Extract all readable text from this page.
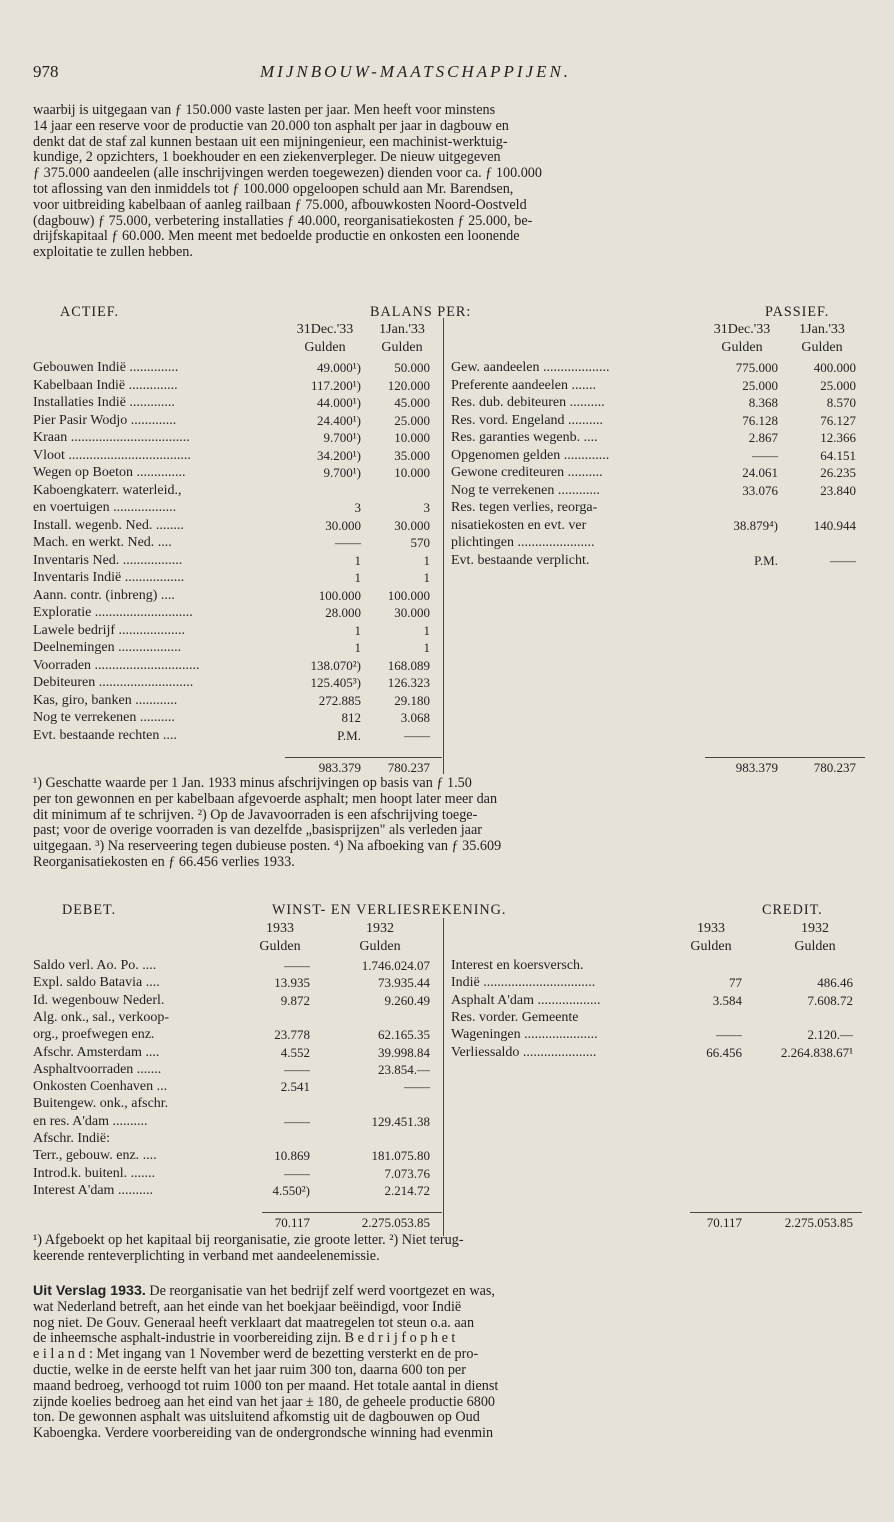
978	MIJNBOUW-MAATSCHAPPIJEN.

waarbij is uitgegaan van ƒ 150.000 vaste lasten per jaar. Men heeft voor minstens

14 jaar een reserve voor de productie van 20.000 ton asphalt per jaar in dagbouw en

denkt dat de staf zal kunnen bestaan uit een mijningenieur, een machinist-werktuig-

kundige, 2 opzichters, 1 boekhouder en een ziekenverpleger. De nieuw uitgegeven

ƒ 375.000 aandeelen (alle inschrijvingen werden toegewezen) dienden voor ca. ƒ 100.000

tot aflossing van den inmiddels tot ƒ 100.000 opgeloopen schuld aan Mr. Barendsen,

voor uitbreiding kabelbaan of aanleg railbaan ƒ 75.000, afbouwkosten Noord-Oostveld

(dagbouw) ƒ 75.000, verbetering installaties ƒ 40.000, reorganisatiekosten ƒ 25.000, be-

drijfskapitaal ƒ 60.000. Men meent met bedoelde productie en onkosten een loonende

exploitatie te zullen hebben.

ACTIEF.	BALANS PER:	PASSIEF.
31Dec.'33	1Jan.'33
Gulden	Gulden
31Dec.'33	1Jan.'33
Gulden	Gulden
Gebouwen Indië ..............	49.000¹)	50.000
Kabelbaan Indië ..............	117.200¹)	120.000
Installaties Indië .............	44.000¹)	45.000
Pier Pasir Wodjo .............	24.400¹)	25.000
Kraan ..................................	9.700¹)	10.000
Vloot ...................................	34.200¹)	35.000
Wegen op Boeton ..............	9.700¹)	10.000
Kaboengkaterr. waterleid.,
en voertuigen ..................	3	3
Install. wegenb. Ned. ........	30.000	30.000
Mach. en werkt. Ned. ....	——	570
Inventaris Ned. .................	1	1
Inventaris Indië .................	1	1
Aann. contr. (inbreng) ....	100.000	100.000
Exploratie ............................	28.000	30.000
Lawele bedrijf ...................	1	1
Deelnemingen ..................	1	1
Voorraden ..............................	138.070²)	168.089
Debiteuren ...........................	125.405³)	126.323
Kas, giro, banken ............	272.885	29.180
Nog te verrekenen ..........	812	3.068
Evt. bestaande rechten ....	P.M.	——
Gew. aandeelen ...................	775.000	400.000
Preferente aandeelen .......	25.000	25.000
Res. dub. debiteuren ..........	8.368	8.570
Res. vord. Engeland ..........	76.128	76.127
Res. garanties wegenb. ....	2.867	12.366
Opgenomen gelden .............	——	64.151
Gewone crediteuren ..........	24.061	26.235
Nog te verrekenen ............	33.076	23.840
Res. tegen verlies, reorga-
nisatiekosten en evt. ver	38.879⁴)	140.944
plichtingen ......................
Evt. bestaande verplicht.	P.M.	——
983.379	780.237	983.379	780.237

¹) Geschatte waarde per 1 Jan. 1933 minus afschrijvingen op basis van ƒ 1.50

per ton gewonnen en per kabelbaan afgevoerde asphalt; men hoopt later meer dan

dit minimum af te schrijven. ²) Op de Javavoorraden is een afschrijving toege-

past; voor de overige voorraden is van dezelfde „basisprijzen" als verleden jaar

uitgegaan. ³) Na reserveering tegen dubieuse posten. ⁴) Na afboeking van ƒ 35.609

Reorganisatiekosten en ƒ 66.456 verlies 1933.

DEBET.	WINST- EN VERLIESREKENING.	CREDIT.
1933	1932
Gulden	Gulden
1933	1932
Gulden	Gulden
Saldo verl. Ao. Po. ....	——	1.746.024.07
Expl. saldo Batavia ....	13.935	73.935.44
Id. wegenbouw Nederl.	9.872	9.260.49
Alg. onk., sal., verkoop-
org., proefwegen enz.	23.778	62.165.35
Afschr. Amsterdam ....	4.552	39.998.84
Asphaltvoorraden .......	——	23.854.—
Onkosten Coenhaven ...	2.541	——
Buitengew. onk., afschr.
en res. A'dam ..........	——	129.451.38
Afschr. Indië:
Terr., gebouw. enz. ....	10.869	181.075.80
Introd.k. buitenl. .......	——	7.073.76
Interest A'dam ..........	4.550²)	2.214.72
Interest en koersversch.
Indië ................................	77	486.46
Asphalt A'dam ..................	3.584	7.608.72
Res. vorder. Gemeente
Wageningen .....................	——	2.120.—
Verliessaldo .....................	66.456	2.264.838.67¹
70.117	2.275.053.85	70.117	2.275.053.85

¹) Afgeboekt op het kapitaal bij reorganisatie, zie groote letter. ²) Niet terug-

keerende renteverplichting in verband met aandeelenemissie.

Uit Verslag 1933. De reorganisatie van het bedrijf zelf werd voortgezet en was,

wat Nederland betreft, aan het einde van het boekjaar beëindigd, voor Indië

nog niet. De Gouv. Generaal heeft verklaart dat maatregelen tot steun o.a. aan

de inheemsche asphalt-industrie in voorbereiding zijn. B e d r i j f o p h e t

e i l a n d : Met ingang van 1 November werd de bezetting versterkt en de pro-

ductie, welke in de eerste helft van het jaar ruim 300 ton, daarna 600 ton per

maand bedroeg, verhoogd tot ruim 1000 ton per maand. Het totale aantal in dienst

zijnde koelies bedroeg aan het eind van het jaar ± 180, de geheele productie 6800

ton. De gewonnen asphalt was uitsluitend afkomstig uit de dagbouwen op Oud

Kaboengka. Verdere voorbereiding van de ondergrondsche winning had evenmin
